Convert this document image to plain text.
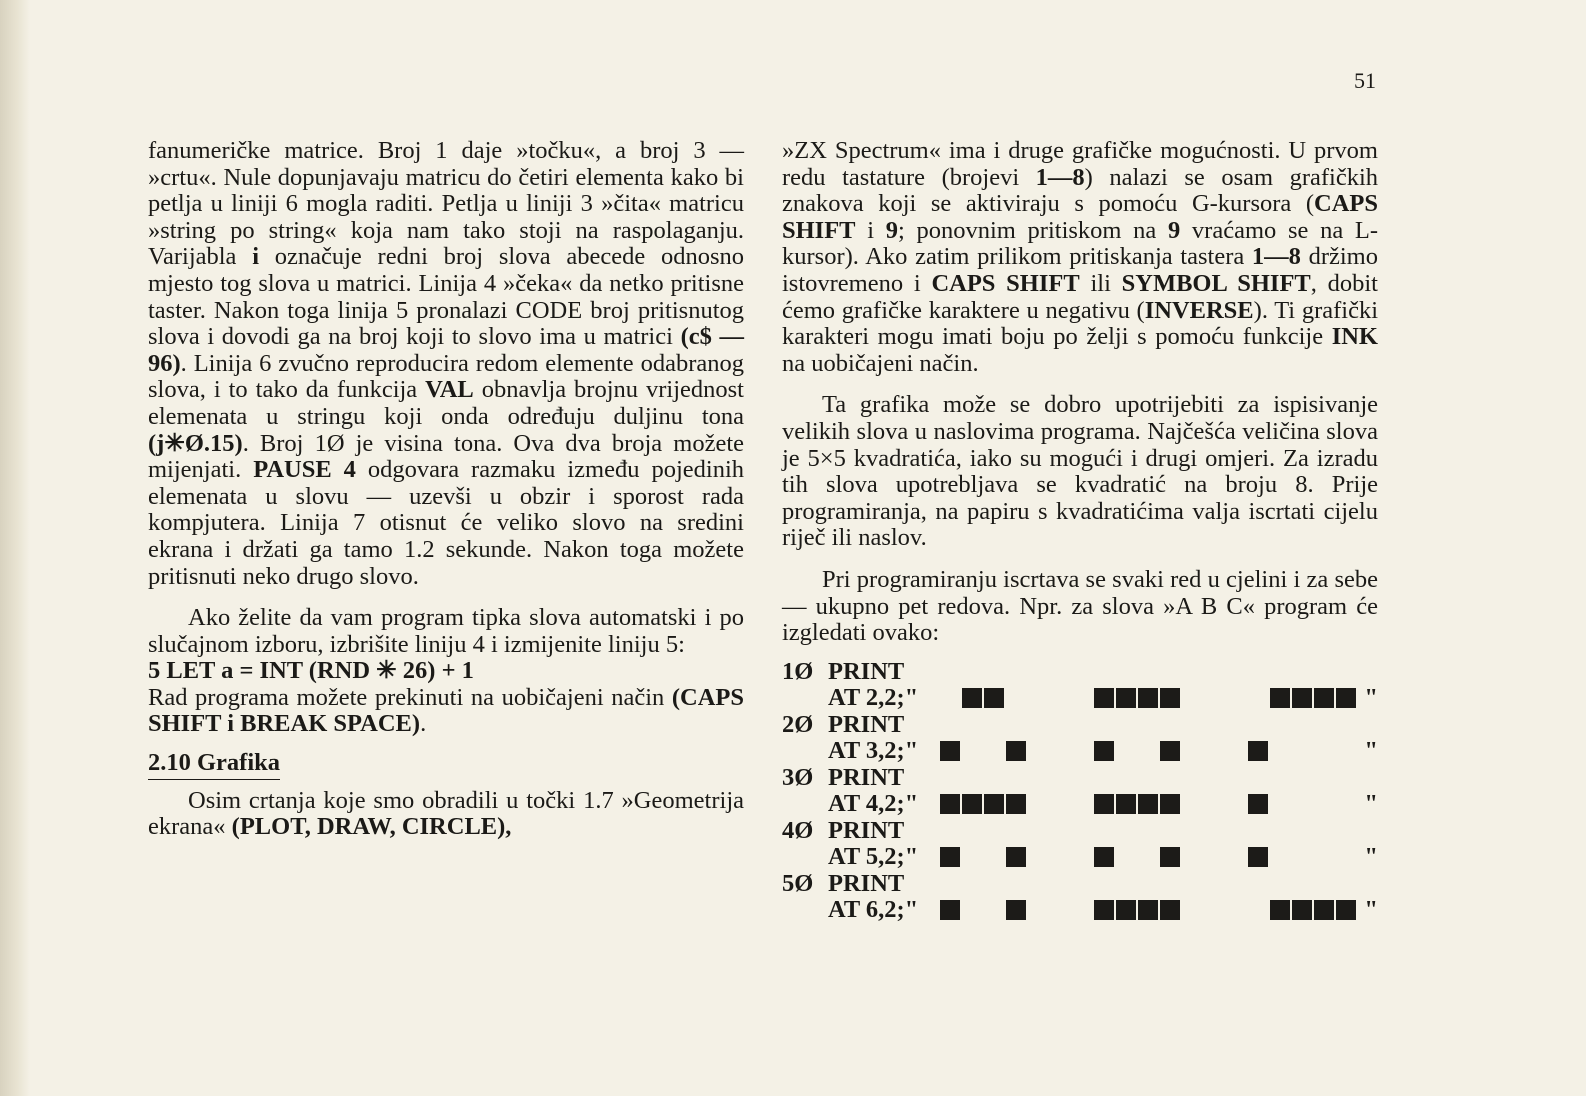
51

fanumeričke matrice. Broj 1 daje »točku«, a broj 3 — »crtu«. Nule dopunjavaju matricu do četiri elementa kako bi petlja u liniji 6 mogla raditi. Petlja u liniji 3 »čita« matricu »string po string« koja nam tako stoji na raspolaganju. Varijabla i označuje redni broj slova abecede odnosno mjesto tog slova u matrici. Linija 4 »čeka« da netko pritisne taster. Nakon toga linija 5 pronalazi CODE broj pritisnutog slova i dovodi ga na broj koji to slovo ima u matrici (c$ — 96). Linija 6 zvučno reproducira redom elemente odabranog slova, i to tako da funkcija VAL obnavlja brojnu vrijednost elemenata u stringu koji onda određuju duljinu tona (j✳Ø.15). Broj 1Ø je visina tona. Ova dva broja možete mijenjati. PAUSE 4 odgovara razmaku između pojedinih elemenata u slovu — uzevši u obzir i sporost rada kompjutera. Linija 7 otisnut će veliko slovo na sredini ekrana i držati ga tamo 1.2 sekunde. Nakon toga možete pritisnuti neko drugo slovo.

Ako želite da vam program tipka slova automatski i po slučajnom izboru, izbrišite liniju 4 i izmijenite liniju 5:

5 LET a = INT (RND ✳ 26) + 1

Rad programa možete prekinuti na uobičajeni način (CAPS SHIFT i BREAK SPACE).

2.10 Grafika

Osim crtanja koje smo obradili u točki 1.7 »Geometrija ekrana« (PLOT, DRAW, CIRCLE),

»ZX Spectrum« ima i druge grafičke mogućnosti. U prvom redu tastature (brojevi 1—8) nalazi se osam grafičkih znakova koji se aktiviraju s pomoću G-kursora (CAPS SHIFT i 9; ponovnim pritiskom na 9 vraćamo se na L-kursor). Ako zatim prilikom pritiskanja tastera 1—8 držimo istovremeno i CAPS SHIFT ili SYMBOL SHIFT, dobit ćemo grafičke karaktere u negativu (INVERSE). Ti grafički karakteri mogu imati boju po želji s pomoću funkcije INK na uobičajeni način.

Ta grafika može se dobro upotrijebiti za ispisivanje velikih slova u naslovima programa. Najčešća veličina slova je 5×5 kvadratića, iako su mogući i drugi omjeri. Za izradu tih slova upotrebljava se kvadratić na broju 8. Prije programiranja, na papiru s kvadratićima valja iscrtati cijelu riječ ili naslov.

Pri programiranju iscrtava se svaki red u cjelini i za sebe — ukupno pet redova. Npr. za slova »A B C« program će izgledati ovako:

1Ø PRINT
AT 2,2;"	"
2Ø PRINT
AT 3,2;"	"
3Ø PRINT
AT 4,2;"	"
4Ø PRINT
AT 5,2;"	"
5Ø PRINT
AT 6,2;"	"
